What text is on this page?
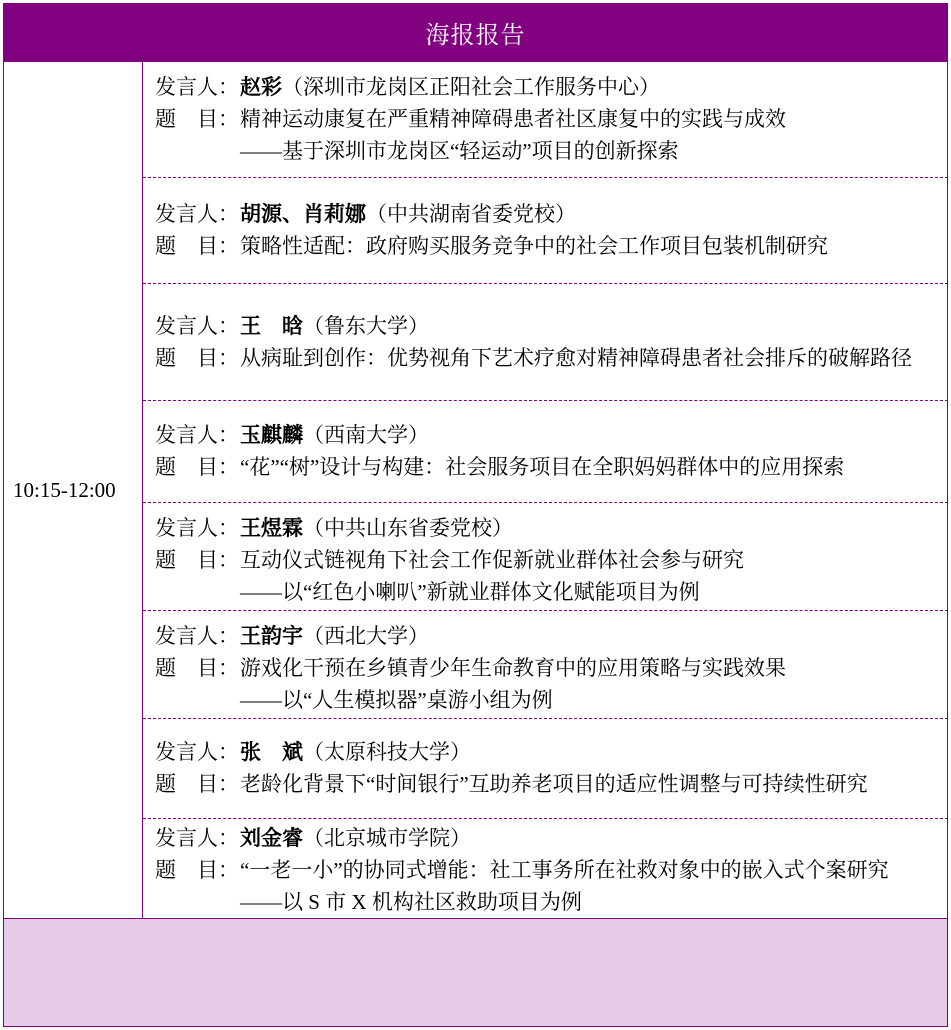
海报报告
10:15-12:00
发言人：赵彩（深圳市龙岗区正阳社会工作服务中心）
题　目：精神运动康复在严重精神障碍患者社区康复中的实践与成效
——基于深圳市龙岗区“轻运动”项目的创新探索
发言人：胡源、肖莉娜（中共湖南省委党校）
题　目：策略性适配：政府购买服务竞争中的社会工作项目包装机制研究
发言人：王　晗（鲁东大学）
题　目：从病耻到创作：优势视角下艺术疗愈对精神障碍患者社会排斥的破解路径
发言人：玉麒麟（西南大学）
题　目：“花”“树”设计与构建：社会服务项目在全职妈妈群体中的应用探索
发言人：王煜霖（中共山东省委党校）
题　目：互动仪式链视角下社会工作促新就业群体社会参与研究
——以“红色小喇叭”新就业群体文化赋能项目为例
发言人：王韵宇（西北大学）
题　目：游戏化干预在乡镇青少年生命教育中的应用策略与实践效果
——以“人生模拟器”桌游小组为例
发言人：张　斌（太原科技大学）
题　目：老龄化背景下“时间银行”互助养老项目的适应性调整与可持续性研究
发言人：刘金睿（北京城市学院）
题　目：“一老一小”的协同式增能：社工事务所在社救对象中的嵌入式个案研究
——以 S 市 X 机构社区救助项目为例
